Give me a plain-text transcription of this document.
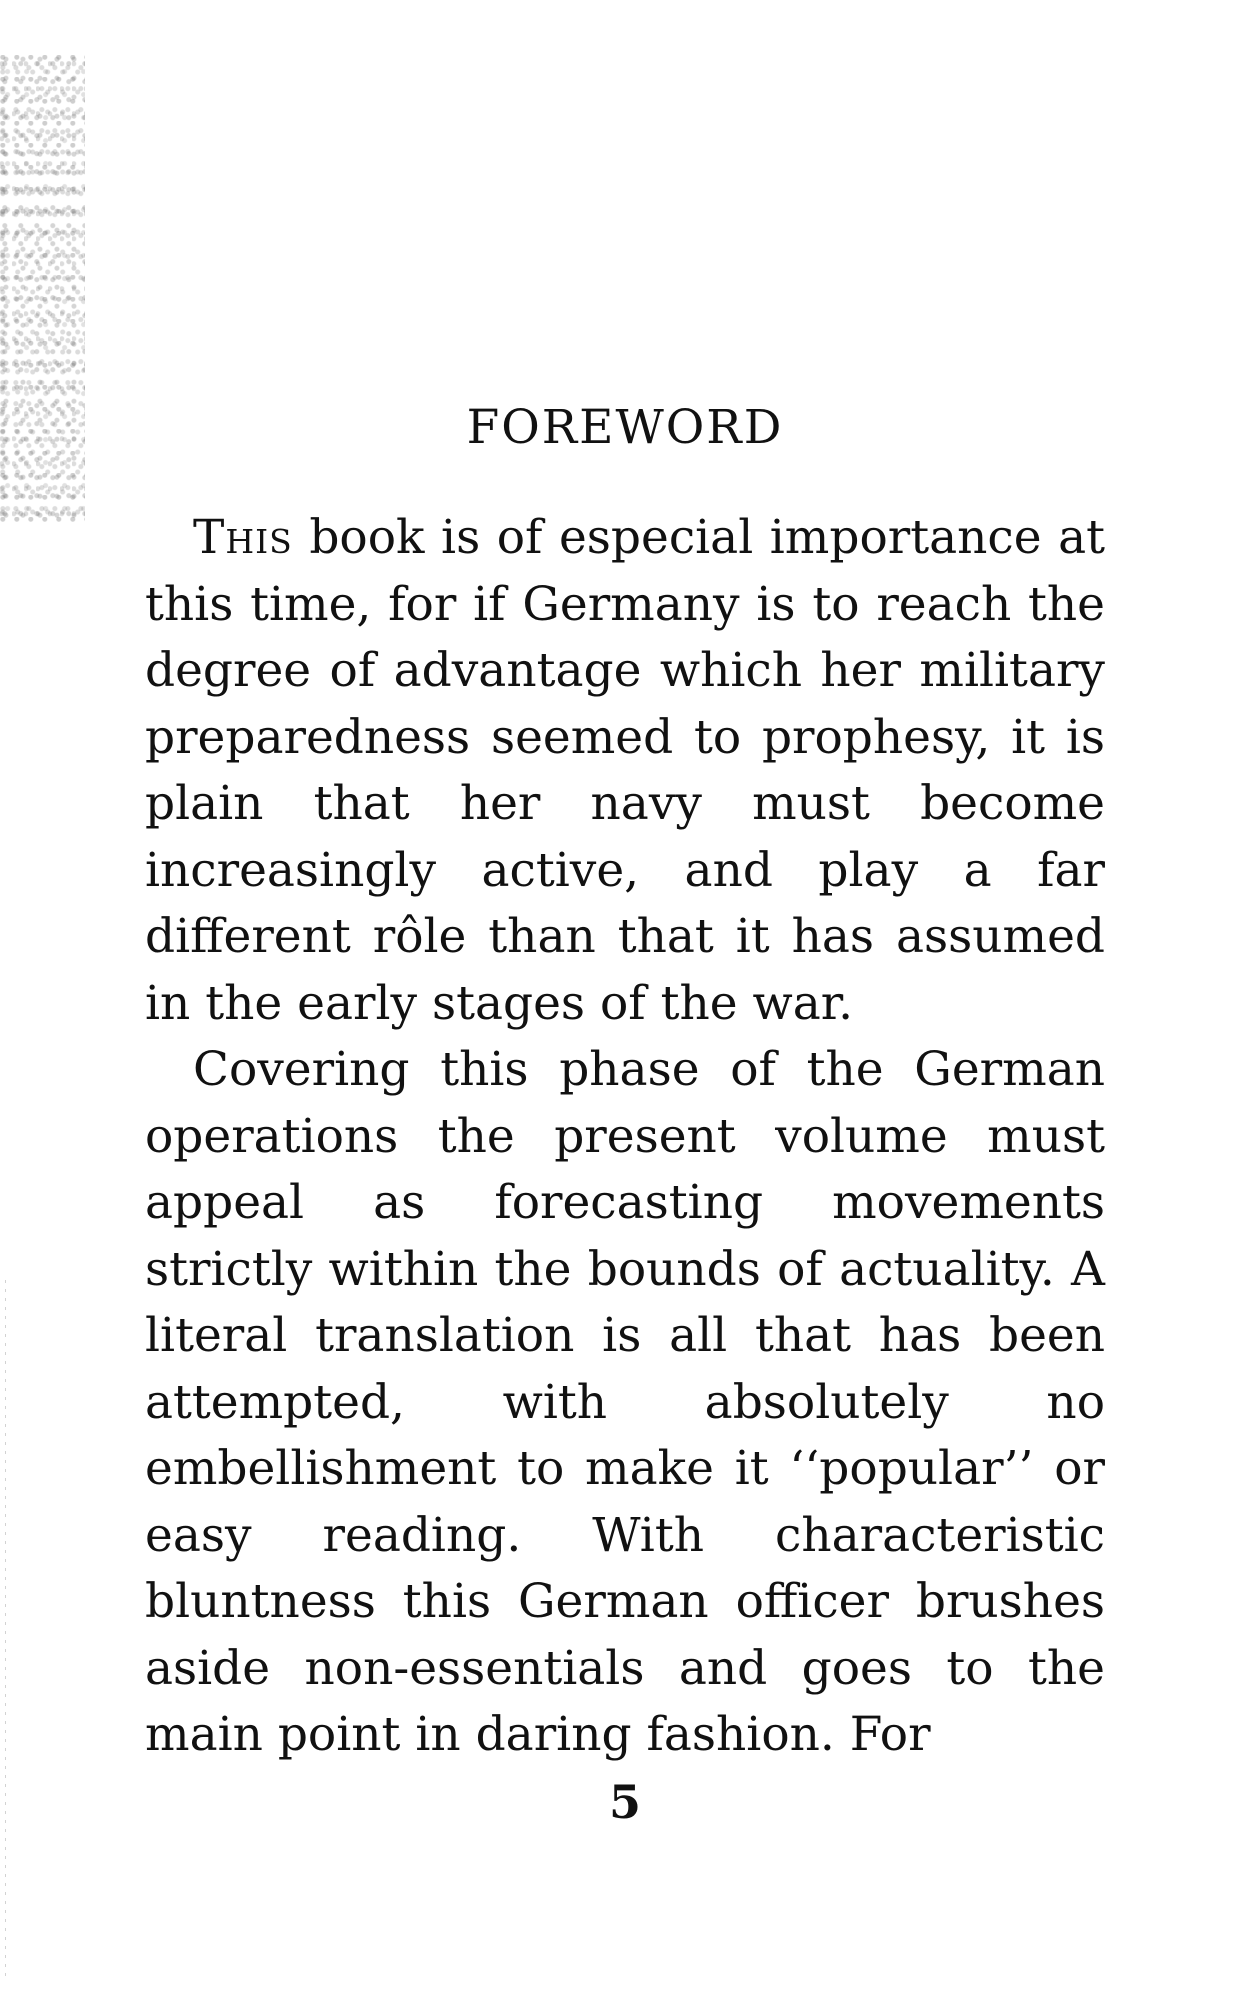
FOREWORD

This book is of especial importance at this time, for if Germany is to reach the degree of advantage which her military preparedness seemed to prophesy, it is plain that her navy must become increasingly active, and play a far different rôle than that it has assumed in the early stages of the war.

Covering this phase of the German operations the present volume must appeal as forecasting movements strictly within the bounds of actuality. A literal translation is all that has been attempted, with absolutely no embellishment to make it ‘‘popular’’ or easy reading. With characteristic bluntness this German officer brushes aside non-essentials and goes to the main point in daring fashion. For

5
